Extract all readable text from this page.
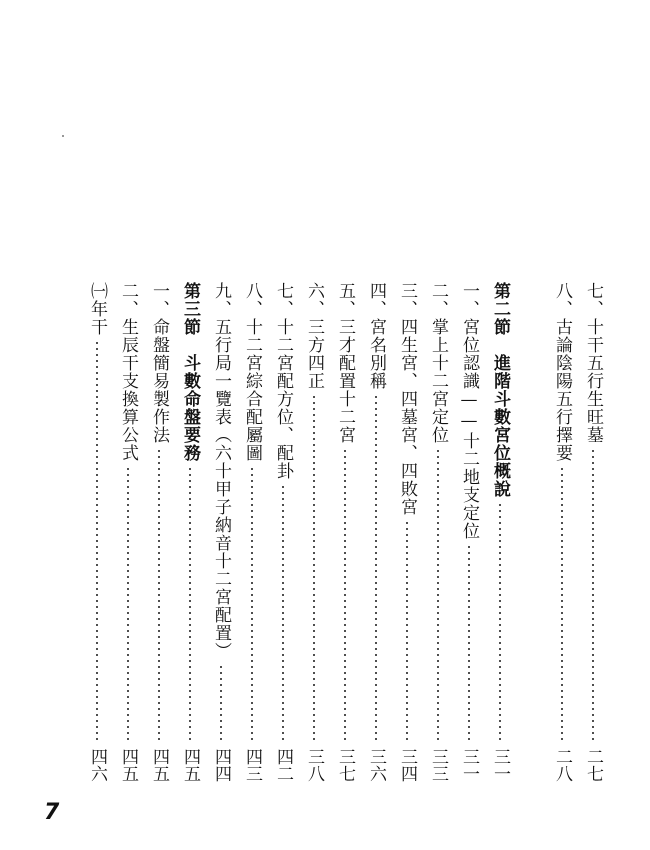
七、十干五行生旺墓
二七
八、古論陰陽五行擇要
二八
第二節　進階斗數宮位概說
三一
一、宮位認識——十二地支定位
三一
二、掌上十二宮定位
三三
三、四生宮、四墓宮、四敗宮
三四
四、宮名別稱
三六
五、三才配置十二宮
三七
六、三方四正
三八
七、十二宮配方位、配卦
四二
八、十二宮綜合配屬圖
四三
九、五行局一覽表（六十甲子納音十二宮配置）
四四
第三節　斗數命盤要務
四五
一、命盤簡易製作法
四五
二、生辰干支換算公式
四五
㈠年干
四六
7
